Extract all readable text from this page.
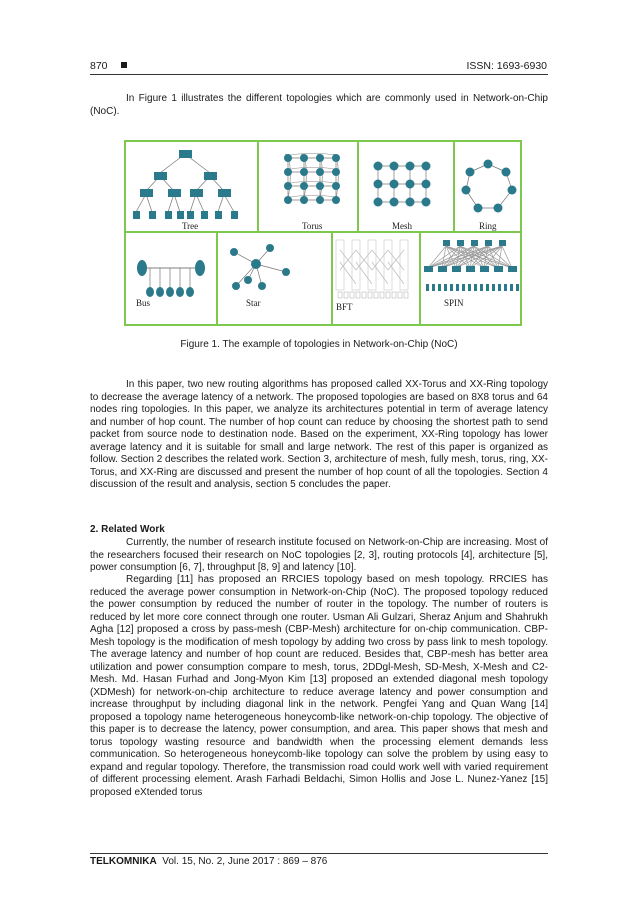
870	ISSN: 1693-6930

In Figure 1 illustrates the different topologies which are commonly used in Network-on-Chip (NoC).

Tree	Torus	Mesh	Ring
Bus	Star	BFT	SPIN
Figure 1. The example of topologies in Network-on-Chip (NoC)

In this paper, two new routing algorithms has proposed called XX-Torus and XX-Ring topology to decrease the average latency of a network. The proposed topologies are based on 8X8 torus and 64 nodes ring topologies. In this paper, we analyze its architectures potential in term of average latency and number of hop count. The number of hop count can reduce by choosing the shortest path to send packet from source node to destination node. Based on the experiment, XX-Ring topology has lower average latency and it is suitable for small and large network. The rest of this paper is organized as follow. Section 2 describes the related work. Section 3, architecture of mesh, fully mesh, torus, ring, XX-Torus, and XX-Ring are discussed and present the number of hop count of all the topologies. Section 4 discussion of the result and analysis, section 5 concludes the paper.

2. Related Work

Currently, the number of research institute focused on Network-on-Chip are increasing. Most of the researchers focused their research on NoC topologies [2, 3], routing protocols [4], architecture [5], power consumption [6, 7], throughput [8, 9] and latency [10].

Regarding [11] has proposed an RRCIES topology based on mesh topology. RRCIES has reduced the average power consumption in Network-on-Chip (NoC). The proposed topology reduced the power consumption by reduced the number of router in the topology. The number of routers is reduced by let more core connect through one router. Usman Ali Gulzari, Sheraz Anjum and Shahrukh Agha [12] proposed a cross by pass-mesh (CBP-Mesh) architecture for on-chip communication. CBP-Mesh topology is the modification of mesh topology by adding two cross by pass link to mesh topology. The average latency and number of hop count are reduced. Besides that, CBP-mesh has better area utilization and power consumption compare to mesh, torus, 2DDgl-Mesh, SD-Mesh, X-Mesh and C2-Mesh. Md. Hasan Furhad and Jong-Myon Kim [13] proposed an extended diagonal mesh topology (XDMesh) for network-on-chip architecture to reduce average latency and power consumption and increase throughput by including diagonal link in the network. Pengfei Yang and Quan Wang [14] proposed a topology name heterogeneous honeycomb-like network-on-chip topology. The objective of this paper is to decrease the latency, power consumption, and area. This paper shows that mesh and torus topology wasting resource and bandwidth when the processing element demands less communication. So heterogeneous honeycomb-like topology can solve the problem by using easy to expand and regular topology. Therefore, the transmission road could work well with varied requirement of different processing element. Arash Farhadi Beldachi, Simon Hollis and Jose L. Nunez-Yanez [15] proposed eXtended torus

TELKOMNIKA Vol. 15, No. 2, June 2017 : 869 – 876
